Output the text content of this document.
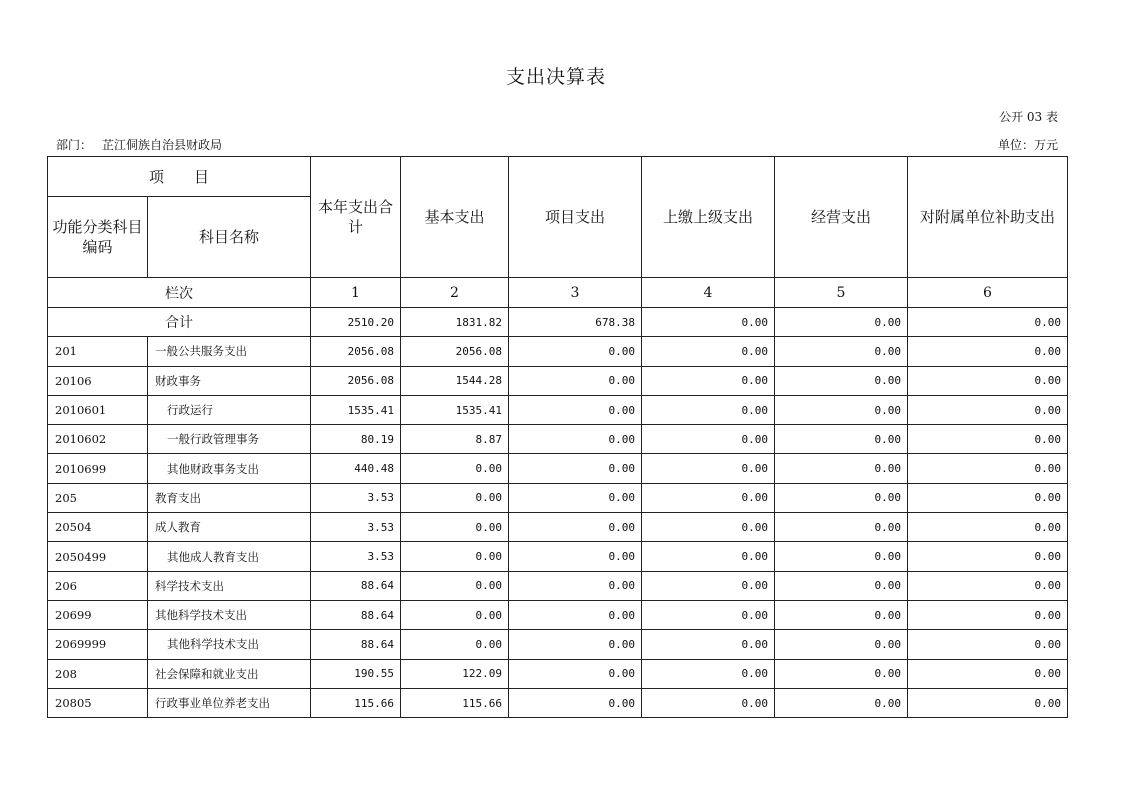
支出决算表
公开 03 表
部门： 芷江侗族自治县财政局	单位：万元
项　　目		本年支出合计	基本支出	项目支出	上缴上级支出	经营支出	对附属单位补助支出
功能分类科目编码	科目名称						
栏次		1	2	3	4	5	6
合计		2510.20	1831.82	678.38	0.00	0.00	0.00
201	一般公共服务支出	2056.08	2056.08	0.00	0.00	0.00	0.00
20106	财政事务	2056.08	1544.28	0.00	0.00	0.00	0.00
2010601	行政运行	1535.41	1535.41	0.00	0.00	0.00	0.00
2010602	一般行政管理事务	80.19	8.87	0.00	0.00	0.00	0.00
2010699	其他财政事务支出	440.48	0.00	0.00	0.00	0.00	0.00
205	教育支出	3.53	0.00	0.00	0.00	0.00	0.00
20504	成人教育	3.53	0.00	0.00	0.00	0.00	0.00
2050499	其他成人教育支出	3.53	0.00	0.00	0.00	0.00	0.00
206	科学技术支出	88.64	0.00	0.00	0.00	0.00	0.00
20699	其他科学技术支出	88.64	0.00	0.00	0.00	0.00	0.00
2069999	其他科学技术支出	88.64	0.00	0.00	0.00	0.00	0.00
208	社会保障和就业支出	190.55	122.09	0.00	0.00	0.00	0.00
20805	行政事业单位养老支出	115.66	115.66	0.00	0.00	0.00	0.00
